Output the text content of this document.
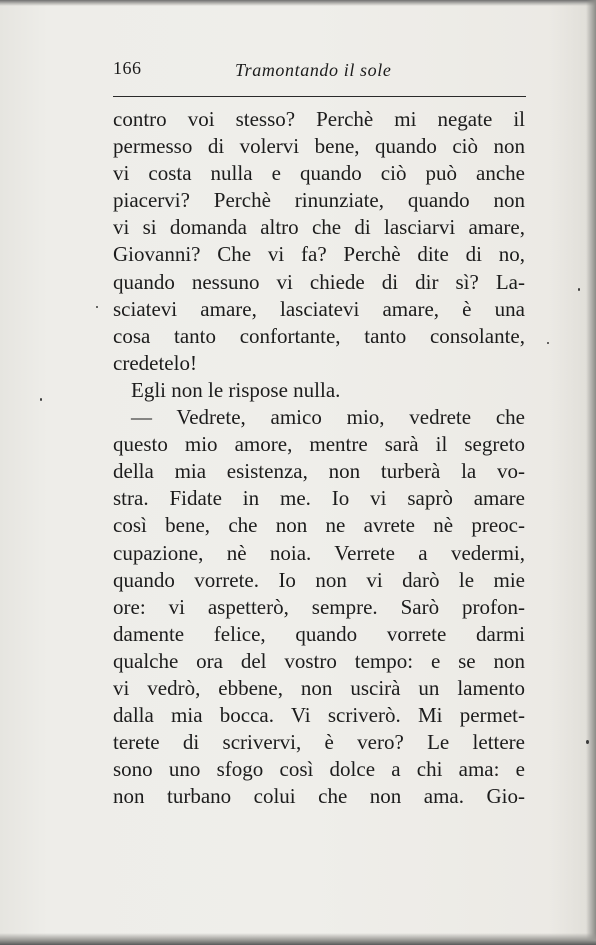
166	Tramontando il sole
contro voi stesso? Perchè mi negate il
permesso di volervi bene, quando ciò non
vi costa nulla e quando ciò può anche
piacervi? Perchè rinunziate, quando non
vi si domanda altro che di lasciarvi amare,
Giovanni? Che vi fa? Perchè dite di no,
quando nessuno vi chiede di dir sì? La-
sciatevi amare, lasciatevi amare, è una
cosa tanto confortante, tanto consolante,
credetelo!
Egli non le rispose nulla.
— Vedrete, amico mio, vedrete che
questo mio amore, mentre sarà il segreto
della mia esistenza, non turberà la vo-
stra. Fidate in me. Io vi saprò amare
così bene, che non ne avrete nè preoc-
cupazione, nè noia. Verrete a vedermi,
quando vorrete. Io non vi darò le mie
ore: vi aspetterò, sempre. Sarò profon-
damente felice, quando vorrete darmi
qualche ora del vostro tempo: e se non
vi vedrò, ebbene, non uscirà un lamento
dalla mia bocca. Vi scriverò. Mi permet-
terete di scrivervi, è vero? Le lettere
sono uno sfogo così dolce a chi ama: e
non turbano colui che non ama. Gio-
